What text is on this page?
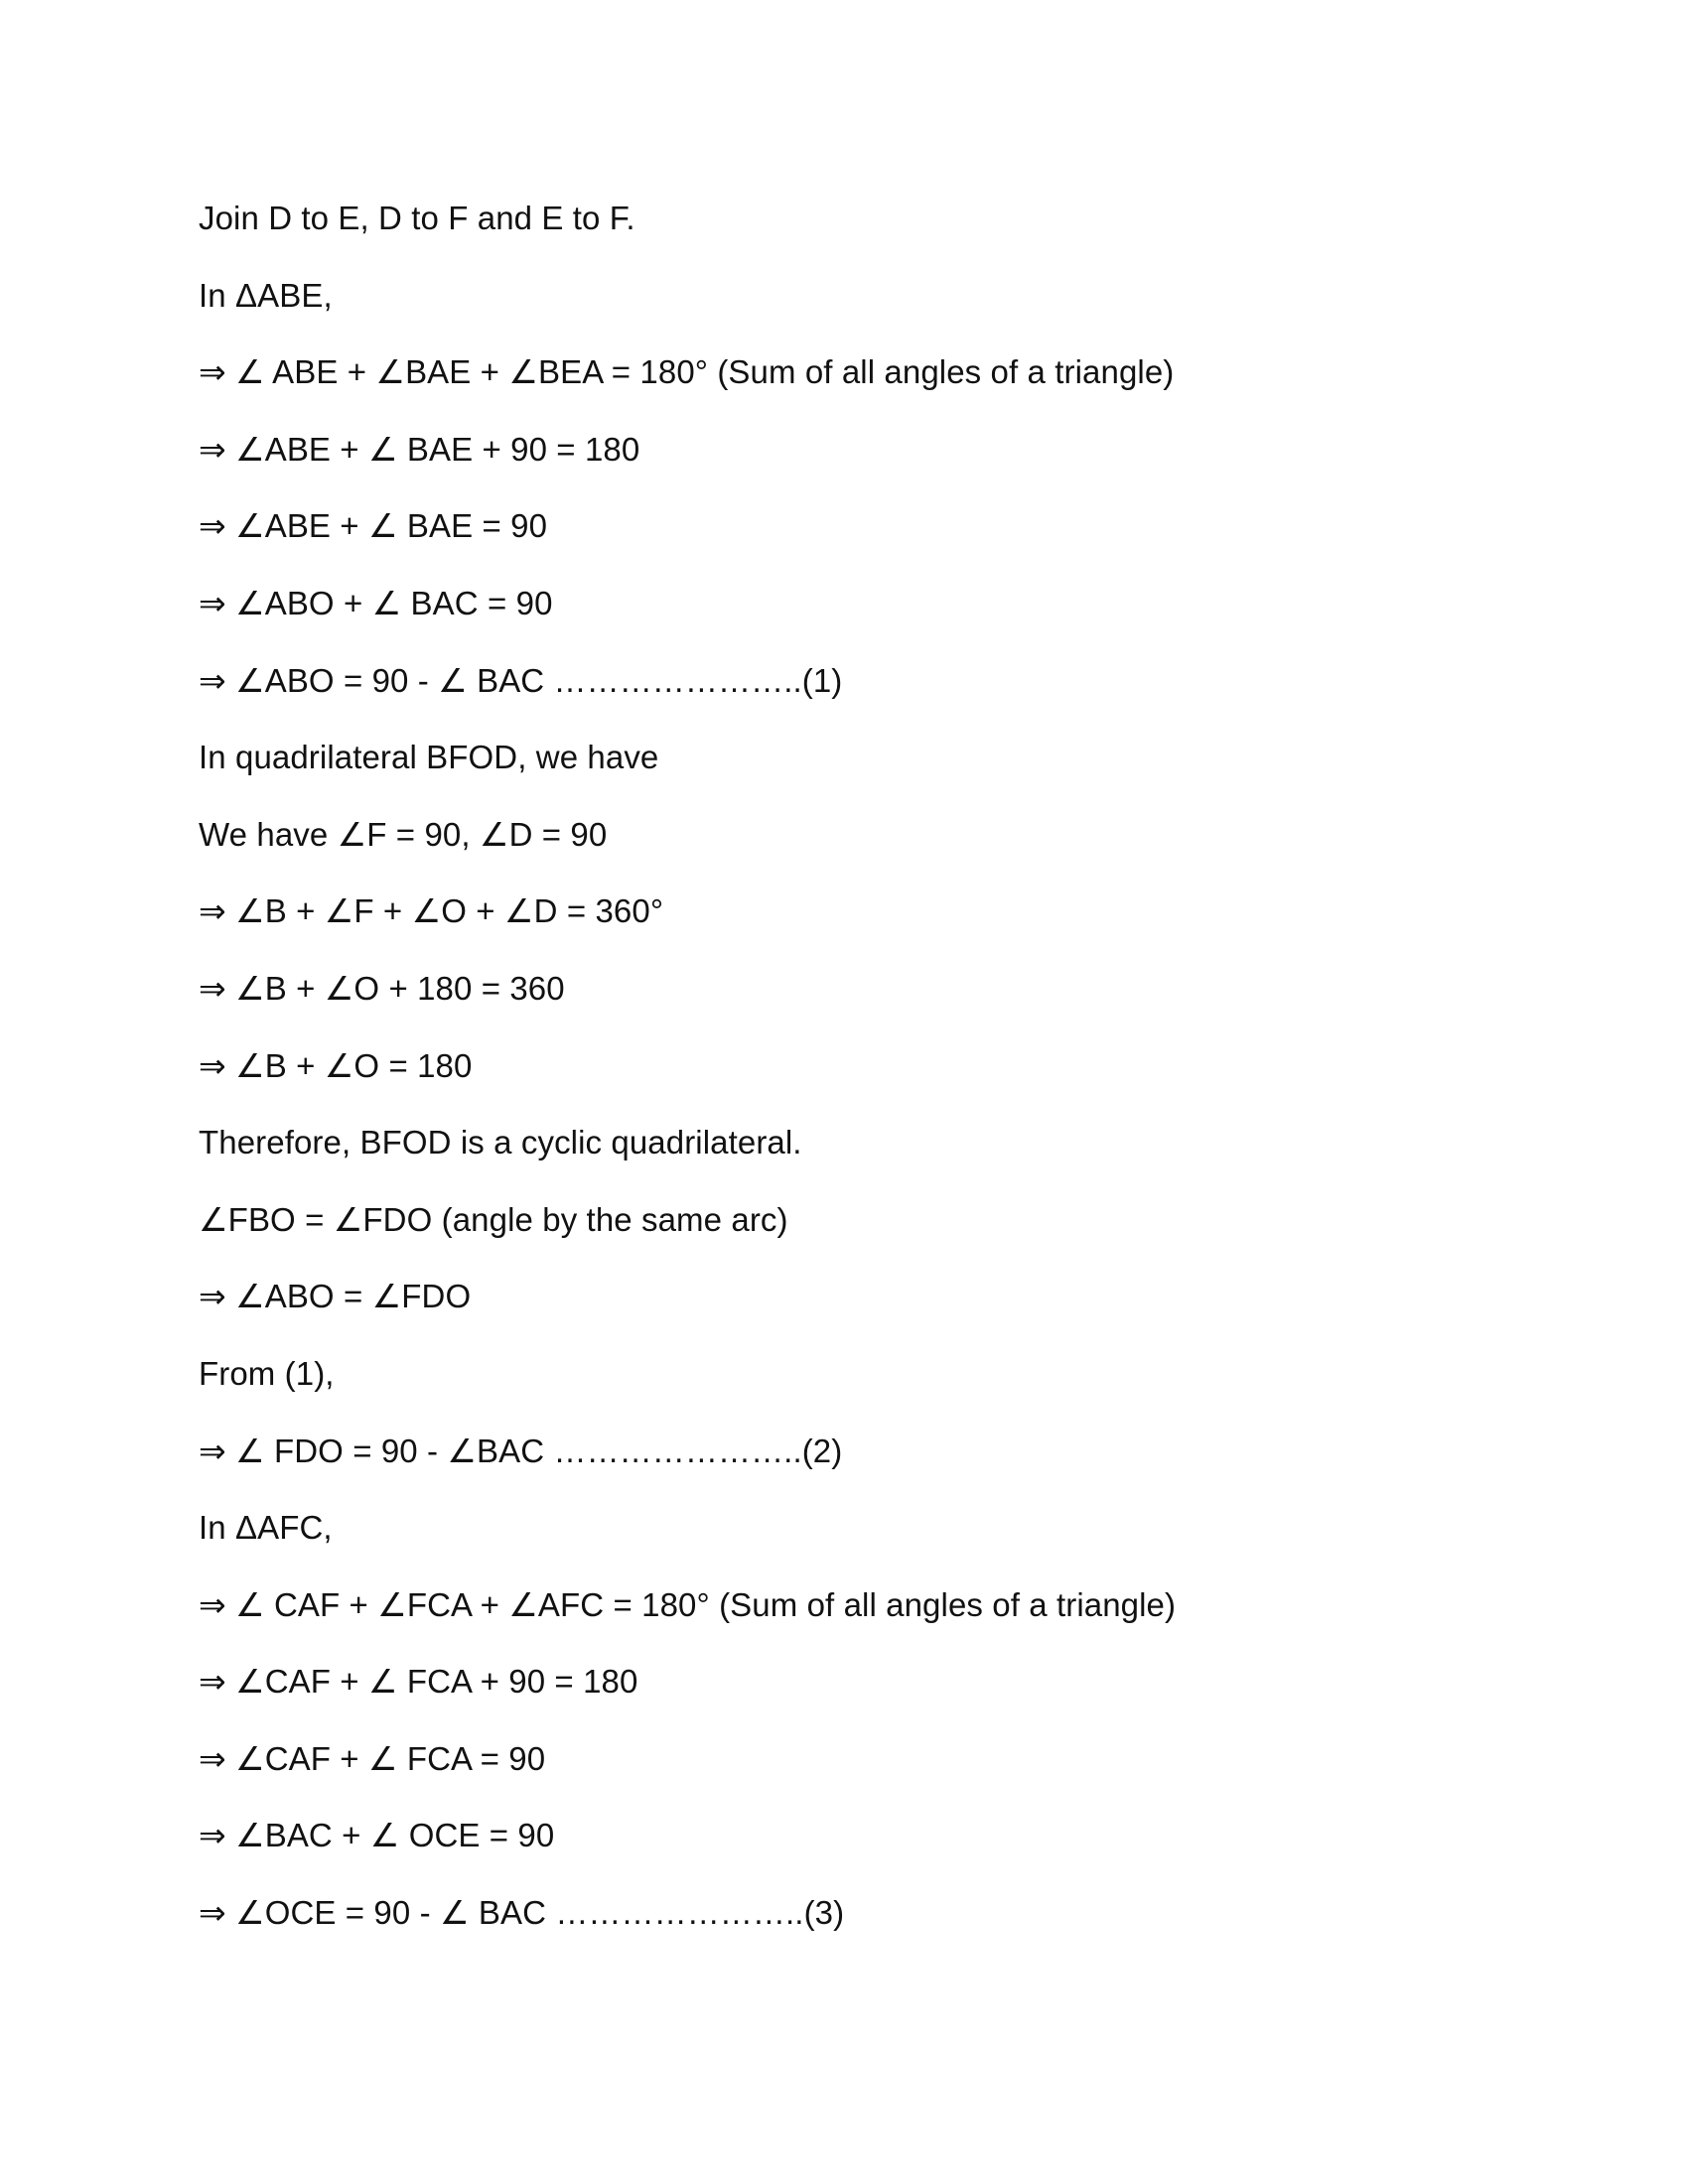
Join D to E, D to F and E to F.
In ΔABE,
⇒ ∠ ABE + ∠BAE + ∠BEA = 180° (Sum of all angles of a triangle)
⇒ ∠ABE + ∠ BAE + 90 = 180
⇒ ∠ABE + ∠ BAE = 90
⇒ ∠ABO + ∠ BAC = 90
⇒ ∠ABO = 90 - ∠ BAC …………………..(1)
In quadrilateral BFOD, we have
We have ∠F = 90, ∠D = 90
⇒ ∠B + ∠F + ∠O + ∠D = 360°
⇒ ∠B + ∠O + 180 = 360
⇒ ∠B + ∠O = 180
Therefore, BFOD is a cyclic quadrilateral.
∠FBO = ∠FDO (angle by the same arc)
⇒ ∠ABO = ∠FDO
From (1),
⇒ ∠ FDO = 90 - ∠BAC …………………..(2)
In ΔAFC,
⇒ ∠ CAF + ∠FCA + ∠AFC = 180° (Sum of all angles of a triangle)
⇒ ∠CAF + ∠ FCA + 90 = 180
⇒ ∠CAF + ∠ FCA = 90
⇒ ∠BAC + ∠ OCE = 90
⇒ ∠OCE = 90 - ∠ BAC …………………..(3)
